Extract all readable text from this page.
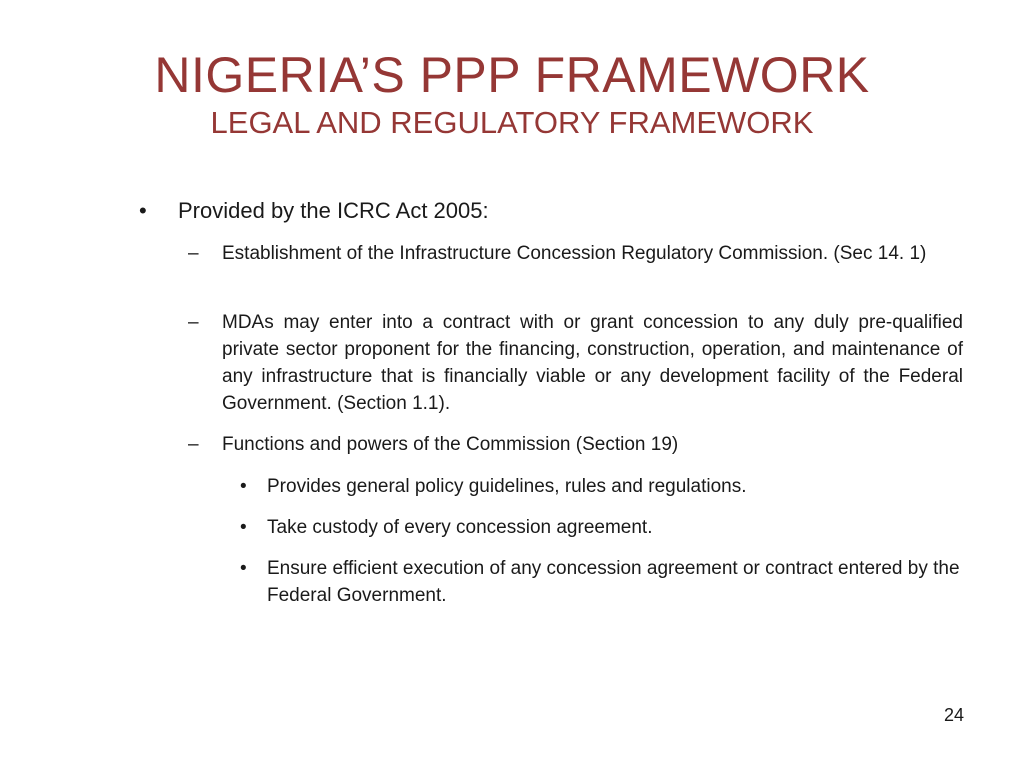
NIGERIA’S PPP FRAMEWORK
LEGAL AND REGULATORY FRAMEWORK
• Provided by the ICRC Act 2005:
– Establishment of the Infrastructure Concession Regulatory Commission. (Sec 14. 1)
– MDAs may enter into a contract with or grant concession to any duly pre-qualified private sector proponent for the financing, construction, operation, and maintenance of any infrastructure that is financially viable or any development facility of the Federal Government. (Section 1.1).
– Functions and powers of the Commission (Section 19)
• Provides general policy guidelines, rules and regulations.
• Take custody of every concession agreement.
• Ensure efficient execution of any concession agreement or contract entered by the Federal Government.
24
